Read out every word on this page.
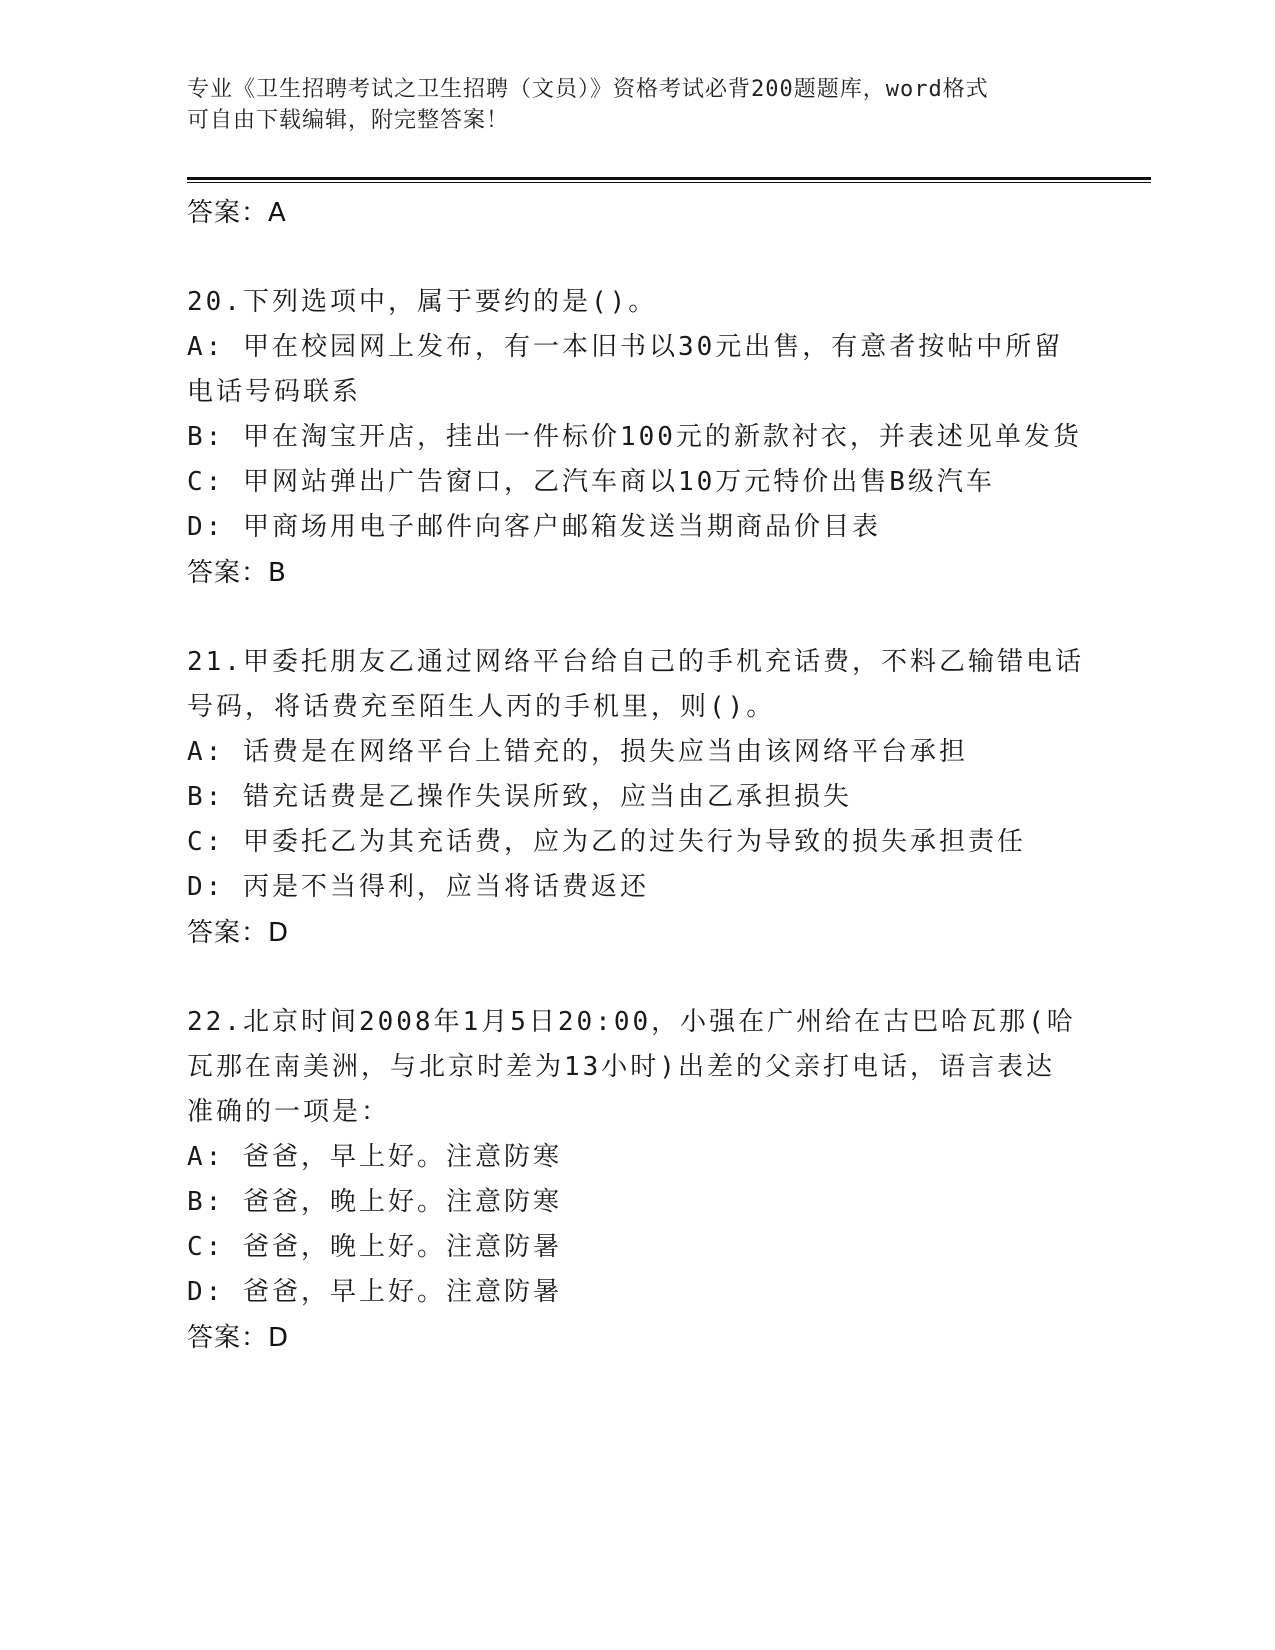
专业《卫生招聘考试之卫生招聘（文员）》资格考试必背200题题库，word格式
可自由下载编辑，附完整答案！
答案：A
20.下列选项中，属于要约的是()。
A: 甲在校园网上发布，有一本旧书以30元出售，有意者按帖中所留
电话号码联系
B: 甲在淘宝开店，挂出一件标价100元的新款衬衣，并表述见单发货
C: 甲网站弹出广告窗口，乙汽车商以10万元特价出售B级汽车
D: 甲商场用电子邮件向客户邮箱发送当期商品价目表
答案：B
21.甲委托朋友乙通过网络平台给自己的手机充话费，不料乙输错电话
号码，将话费充至陌生人丙的手机里，则()。
A: 话费是在网络平台上错充的，损失应当由该网络平台承担
B: 错充话费是乙操作失误所致，应当由乙承担损失
C: 甲委托乙为其充话费，应为乙的过失行为导致的损失承担责任
D: 丙是不当得利，应当将话费返还
答案：D
22.北京时间2008年1月5日20:00，小强在广州给在古巴哈瓦那(哈
瓦那在南美洲，与北京时差为13小时)出差的父亲打电话，语言表达
准确的一项是：
A: 爸爸，早上好。注意防寒
B: 爸爸，晚上好。注意防寒
C: 爸爸，晚上好。注意防暑
D: 爸爸，早上好。注意防暑
答案：D
